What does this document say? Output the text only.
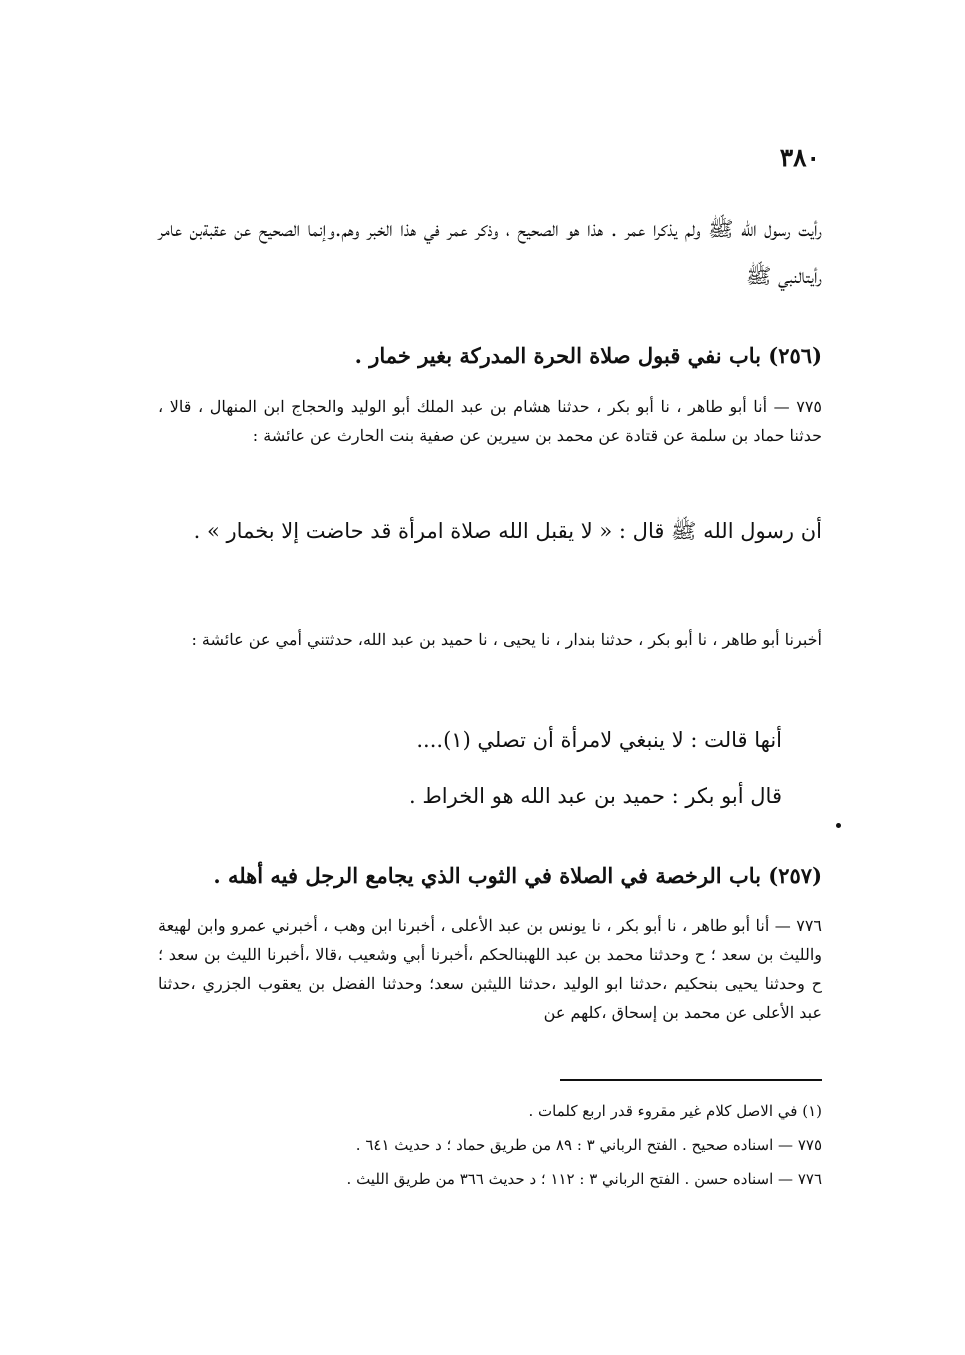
٣٨٠

رأيت رسول الله ﷺ ولم يذكرا عمر . هذا هو الصحيح ، وذكر عمر في هذا الخبر وهم.وإنما الصحيح عن عقبةبن عامر رأيتالنبي ﷺ

(٢٥٦) باب نفي قبول صلاة الحرة المدركة بغير خمار .

٧٧٥ — أنا أبو طاهر ، نا أبو بكر ، حدثنا هشام بن عبد الملك أبو الوليد والحجاج ابن المنهال ، قالا ، حدثنا حماد بن سلمة عن قتادة عن محمد بن سيرين عن صفية بنت الحارث عن عائشة :

أن رسول الله ﷺ قال : « لا يقبل الله صلاة امرأة قد حاضت إلا بخمار » .

أخبرنا أبو طاهر ، نا أبو بكر ، حدثنا بندار ، نا يحيى ، نا حميد بن عبد الله، حدثتني أمي عن عائشة :

أنها قالت : لا ينبغي لامرأة أن تصلي (١)....

قال أبو بكر : حميد بن عبد الله هو الخراط .

(٢٥٧) باب الرخصة في الصلاة في الثوب الذي يجامع الرجل فيه أهله .

٧٧٦ — أنا أبو طاهر ، نا أبو بكر ، نا يونس بن عبد الأعلى ، أخبرنا ابن وهب ، أخبرني عمرو وابن لهيعة والليث بن سعد ؛ ح وحدثنا محمد بن عبد اللهبنالحكم ،أخبرنا أبي وشعيب ،قالا ،أخبرنا الليث بن سعد ؛ ح وحدثنا يحيى بنحكيم ،حدثنا ابو الوليد ،حدثنا الليثبن سعد؛ وحدثنا الفضل بن يعقوب الجزري ،حدثنا عبد الأعلى عن محمد بن إسحاق ،كلهم عن

(١) في الاصل كلام غير مقروء قدر اربع كلمات .
٧٧٥ — اسناده صحيح . الفتح الرباني ٣ : ٨٩ من طريق حماد ؛ د حديث ٦٤١ .
٧٧٦ — اسناده حسن . الفتح الرباني ٣ : ١١٢ ؛ د حديث ٣٦٦ من طريق الليث .
